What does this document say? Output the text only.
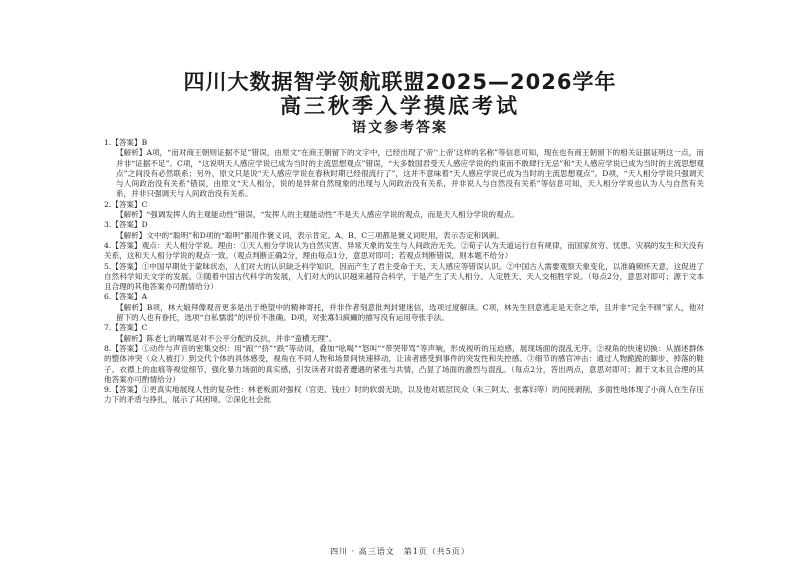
四川大数据智学领航联盟2025—2026学年
高三秋季入学摸底考试
语文参考答案

1.【答案】B

【解析】A项，“而对商王朝则证据不足”错误，由原文“在商王朝留下的文字中，已经出现了‘帝’‘上帝’这样的名称”等信息可知，现在也有商王朝留下的相关证据证明这一点，而并非“证据不足”。C项，“这说明天人感应学说已成为当时的主流思想观点”错误，“大多数国君受天人感应学说的约束而不敢肆行无忌”和“天人感应学说已成为当时的主流思想观点”之间没有必然联系；另外，原文只是说“天人感应学说在春秋时期已经很流行了”，这并不意味着“天人感应学说已成为当时的主流思想观点”。D项，“天人相分学说只强调天与人间政治没有关系”错误，由原文“天人相分，说的是异常自然现象的出现与人间政治没有关系，并非说人与自然没有关系”等信息可知，天人相分学说也认为人与自然有关系，并非只强调天与人间政治没有关系。

2.【答案】C

【解析】“强调发挥人的主观能动性”错误，“发挥人的主观能动性”不是天人感应学说的观点，而是天人相分学说的观点。

3.【答案】D

【解析】文中的“聪明”和D项的“聪明”都用作褒义词，表示肯定。A、B、C三项都是褒义词贬用，表示否定和讽刺。

4.【答案】观点：天人相分学说。理由：①天人相分学说认为自然灾害、异常天象的发生与人间政治无关。②荀子认为天道运行自有规律，而国家贫穷、忧患、灾祸的发生和天没有关系，这和天人相分学说的观点一致。（观点判断正确2分，理由每点1分，意思对即可；若观点判断错误，则本题不给分）

5.【答案】①中国早期处于蒙昧状态，人们对大的认识缺乏科学知识，因而产生了君主受命于天、天人感应等错误认识。②中国古人需要观察天象变化，以准确频怀天意，这促进了自然科学知天文学的发展。③随着中国古代科学的发展，人们对大的认识越来越符合科学，于是产生了天人相分、人定胜天、天人交相胜学说。（每点2分，意思对即可；源于文本且合理的其他答案亦可酌情给分）

6.【答案】A

【解析】B项，林大娘拜像观音更多是出于绝望中的精神寄托，并非作者刻意批判封建迷信，选项过度解读。C项，林先生回意逃走是无奈之举，且并非“完全不顾”家人，他对留下的人也有眷托，选项“自私懦弱”的评价不准确。D项，对张寡妇疯癫的描写没有运用夸张手法。

7.【答案】C

【解析】陈老七的嚷骂是对不公平分配的反抗，并非“蛮横无理”。

8.【答案】①动作与声音的密集交织：用“踉”“挤”“跌”等动词，叠加“吆喝”“怒叫”“带哭带骂”等声响，形成视听的压迫感，展现场面的混乱无序。②视角的快速切换：从描述群体的整体冲突（众人被打）到交代个体的具体感受，视角在不同人物和场景间快速移动，让读者感受到事件的突发性和失控感。③细节的感官冲击：通过人物跪跪的脚步、掉落的鞋子、衣襟上的血痕等视觉细节，强化暴力场面的真实感，引发读者对弱者遭遇的紧张与共情，凸显了场面的激烈与混乱。（每点2分，答出两点，意思对即可；源于文本且合理的其他答案亦可酌情给分）

9.【答案】①更真实地展现人性的复杂性：林老板面对强权（官吏、钱庄）时的软弱无助，以及他对底层民众（朱三阿太、张寡妇等）的间接剥削，多面性地体现了小商人在生存压力下的矛盾与挣扎，展示了其困境。②深化社会批

四川 · 高三语文　第1页（共5页）
